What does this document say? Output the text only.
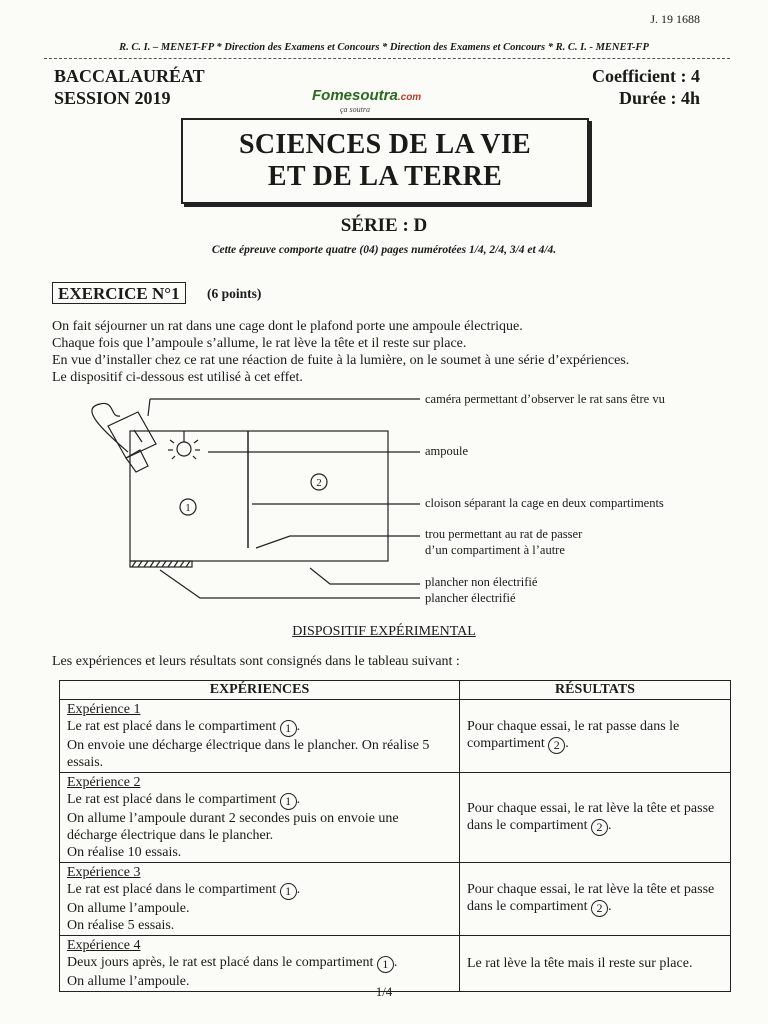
J. 19 1688
R. C. I. – MENET-FP * Direction des Examens et Concours * Direction des Examens et Concours * R. C. I. - MENET-FP
BACCALAURÉAT
SESSION 2019
Coefficient : 4
Durée : 4h
Fomesoutra.com
ça soutra
SCIENCES DE LA VIE
ET DE LA TERRE
SÉRIE : D
Cette épreuve comporte quatre (04) pages numérotées 1/4, 2/4, 3/4 et 4/4.
EXERCICE N°1	(6 points)
On fait séjourner un rat dans une cage dont le plafond porte une ampoule électrique.
Chaque fois que l’ampoule s’allume, le rat lève la tête et il reste sur place.
En vue d’installer chez ce rat une réaction de fuite à la lumière, on le soumet à une série d’expériences.
Le dispositif ci-dessous est utilisé à cet effet.
1
2
caméra permettant d’observer le rat sans être vu
ampoule
cloison séparant la cage en deux compartiments
trou permettant au rat de passer
d’un compartiment à l’autre
plancher non électrifié
plancher électrifié
DISPOSITIF EXPÉRIMENTAL
Les expériences et leurs résultats sont consignés dans le tableau suivant :
EXPÉRIENCES	RÉSULTATS

Expérience 1
Le rat est placé dans le compartiment 1 .
On envoie une décharge électrique dans le plancher. On réalise 5 essais.	Pour chaque essai, le rat passe dans le compartiment 2 .

Expérience 2
Le rat est placé dans le compartiment 1 .
On allume l’ampoule durant 2 secondes puis on envoie une décharge électrique dans le plancher.
On réalise 10 essais.	Pour chaque essai, le rat lève la tête et passe dans le compartiment 2 .

Expérience 3
Le rat est placé dans le compartiment 1 .
On allume l’ampoule.
On réalise 5 essais.	Pour chaque essai, le rat lève la tête et passe dans le compartiment 2 .

Expérience 4
Deux jours après, le rat est placé dans le compartiment 1 .
On allume l’ampoule.	Le rat lève la tête mais il reste sur place.
1/4
